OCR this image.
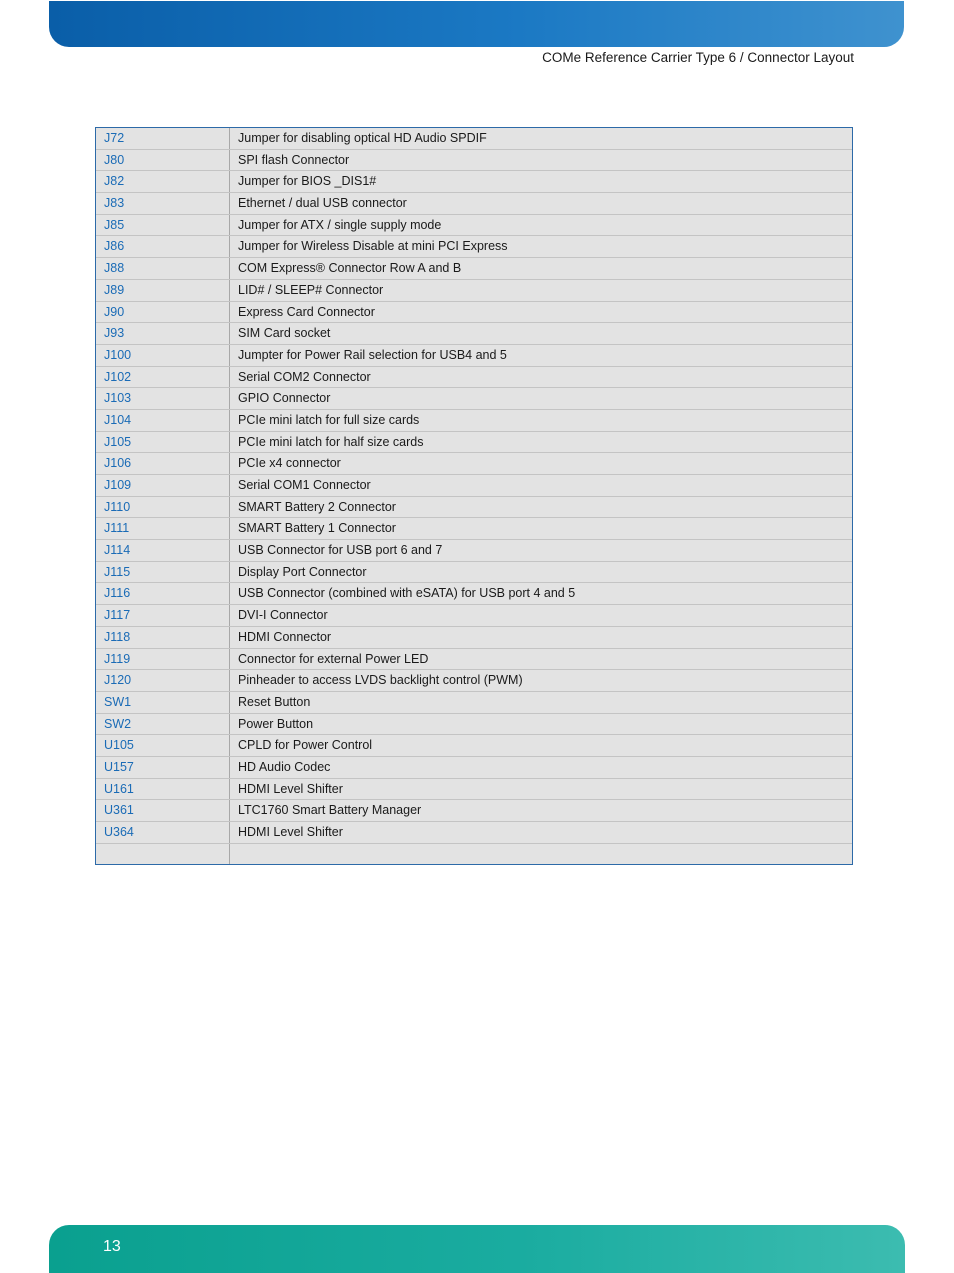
COMe Reference Carrier Type 6 / Connector Layout
J72	Jumper for disabling optical HD Audio SPDIF
J80	SPI flash Connector
J82	Jumper for BIOS _DIS1#
J83	Ethernet / dual USB connector
J85	Jumper for ATX / single supply mode
J86	Jumper for Wireless Disable at mini PCI Express
J88	COM Express® Connector Row A and B
J89	LID# / SLEEP# Connector
J90	Express Card Connector
J93	SIM Card socket
J100	Jumpter for Power Rail selection for USB4 and 5
J102	Serial COM2 Connector
J103	GPIO Connector
J104	PCIe mini latch for full size cards
J105	PCIe mini latch for half size cards
J106	PCIe x4 connector
J109	Serial COM1 Connector
J110	SMART Battery 2 Connector
J111	SMART Battery 1 Connector
J114	USB Connector for USB port 6 and 7
J115	Display Port Connector
J116	USB Connector (combined with eSATA) for USB port 4 and 5
J117	DVI-I Connector
J118	HDMI Connector
J119	Connector for external Power LED
J120	Pinheader to access LVDS backlight control (PWM)
SW1	Reset Button
SW2	Power Button
U105	CPLD for Power Control
U157	HD Audio Codec
U161	HDMI Level Shifter
U361	LTC1760 Smart Battery Manager
U364	HDMI Level Shifter

13
